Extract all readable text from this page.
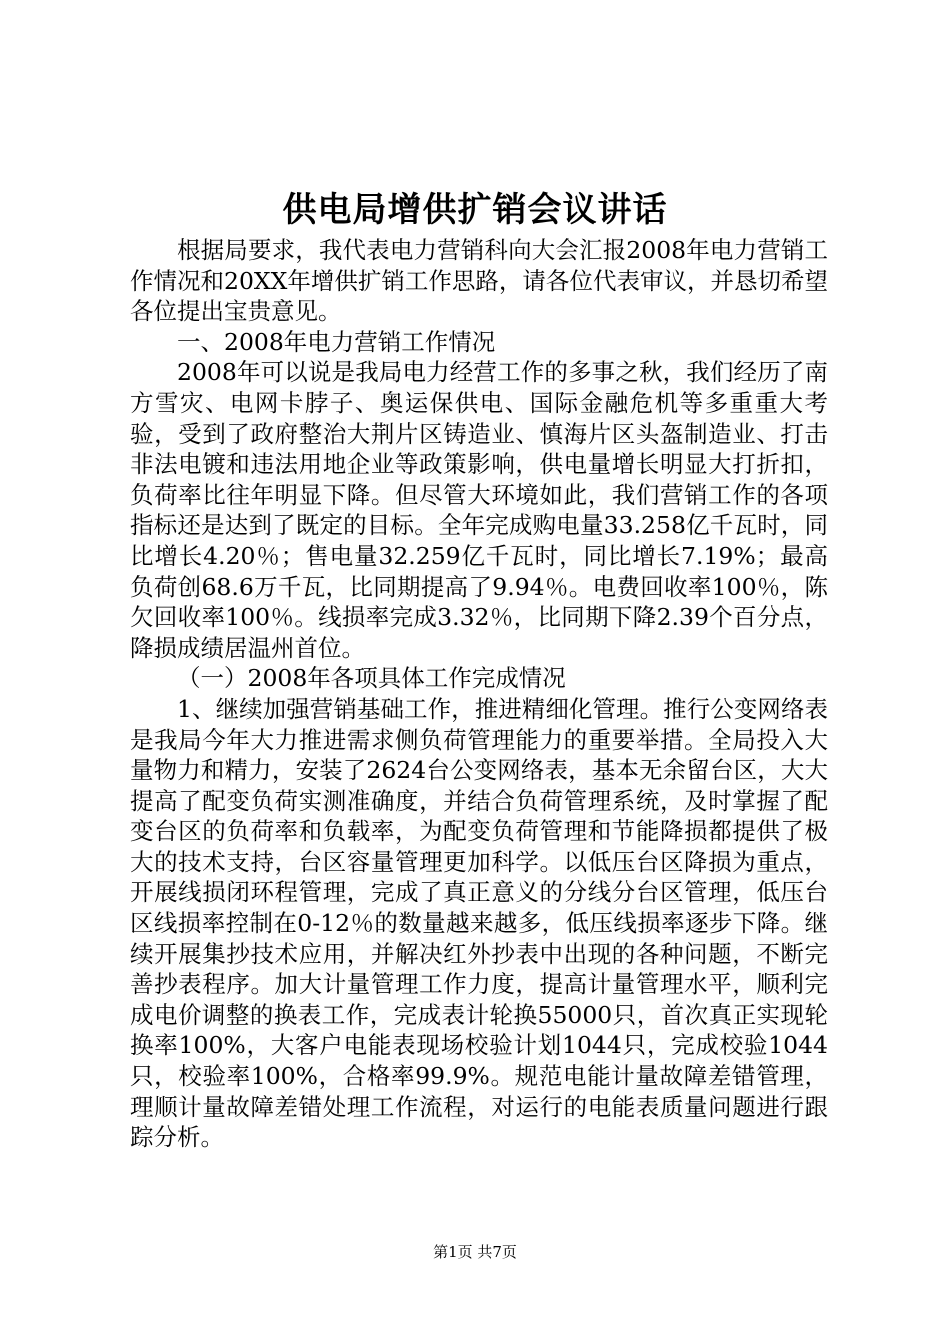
供电局增供扩销会议讲话

根据局要求，我代表电力营销科向大会汇报2008年电力营销工作情况和20XX年增供扩销工作思路，请各位代表审议，并恳切希望各位提出宝贵意见。

一、2008年电力营销工作情况

2008年可以说是我局电力经营工作的多事之秋，我们经历了南方雪灾、电网卡脖子、奥运保供电、国际金融危机等多重重大考验，受到了政府整治大荆片区铸造业、慎海片区头盔制造业、打击非法电镀和违法用地企业等政策影响，供电量增长明显大打折扣，负荷率比往年明显下降。但尽管大环境如此，我们营销工作的各项指标还是达到了既定的目标。全年完成购电量33.258亿千瓦时，同比增长4.20％；售电量32.259亿千瓦时，同比增长7.19%；最高负荷创68.6万千瓦，比同期提高了9.94％。电费回收率100％，陈欠回收率100％。线损率完成3.32％，比同期下降2.39个百分点，降损成绩居温州首位。

（一）2008年各项具体工作完成情况

1、继续加强营销基础工作，推进精细化管理。推行公变网络表是我局今年大力推进需求侧负荷管理能力的重要举措。全局投入大量物力和精力，安装了2624台公变网络表，基本无余留台区，大大提高了配变负荷实测准确度，并结合负荷管理系统，及时掌握了配变台区的负荷率和负载率，为配变负荷管理和节能降损都提供了极大的技术支持，台区容量管理更加科学。以低压台区降损为重点，开展线损闭环程管理，完成了真正意义的分线分台区管理，低压台区线损率控制在0-12％的数量越来越多，低压线损率逐步下降。继续开展集抄技术应用，并解决红外抄表中出现的各种问题，不断完善抄表程序。加大计量管理工作力度，提高计量管理水平，顺利完成电价调整的换表工作，完成表计轮换55000只，首次真正实现轮换率100%，大客户电能表现场校验计划1044只，完成校验1044只，校验率100%，合格率99.9%。规范电能计量故障差错管理，理顺计量故障差错处理工作流程，对运行的电能表质量问题进行跟踪分析。

第1页 共7页
